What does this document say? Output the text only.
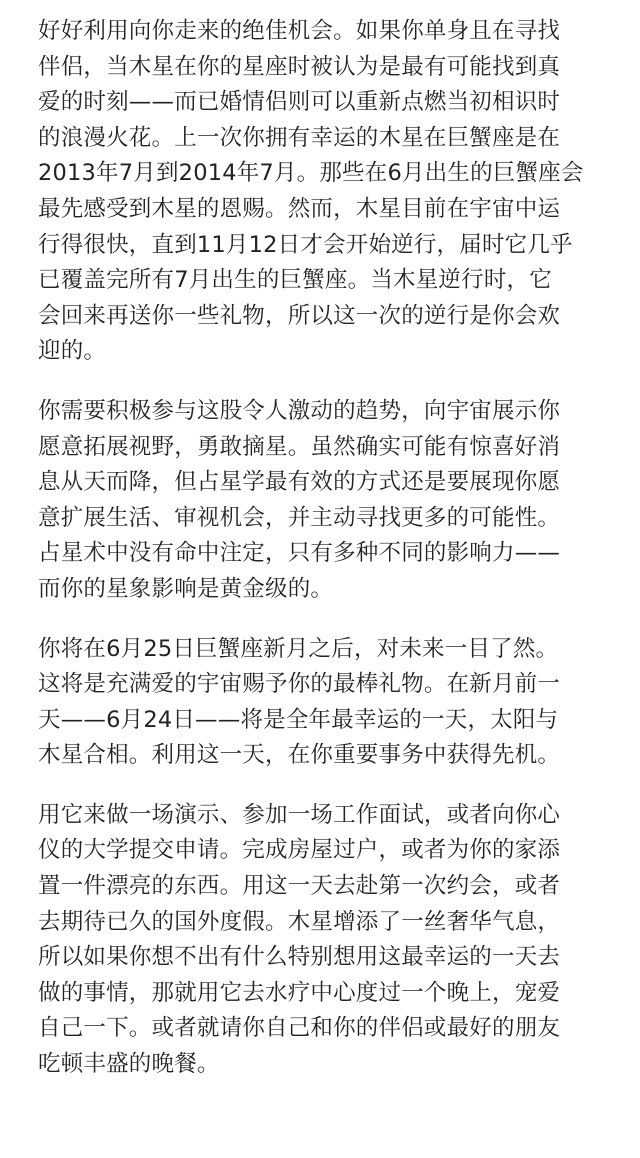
好好利用向你走来的绝佳机会。如果你单身且在寻找
伴侣，当木星在你的星座时被认为是最有可能找到真
爱的时刻——而已婚情侣则可以重新点燃当初相识时
的浪漫火花。上一次你拥有幸运的木星在巨蟹座是在
2013年7月到2014年7月。那些在6月出生的巨蟹座会
最先感受到木星的恩赐。然而，木星目前在宇宙中运
行得很快，直到11月12日才会开始逆行，届时它几乎
已覆盖完所有7月出生的巨蟹座。当木星逆行时，它
会回来再送你一些礼物，所以这一次的逆行是你会欢
迎的。

你需要积极参与这股令人激动的趋势，向宇宙展示你
愿意拓展视野，勇敢摘星。虽然确实可能有惊喜好消
息从天而降，但占星学最有效的方式还是要展现你愿
意扩展生活、审视机会，并主动寻找更多的可能性。
占星术中没有命中注定，只有多种不同的影响力——
而你的星象影响是黄金级的。

你将在6月25日巨蟹座新月之后，对未来一目了然。
这将是充满爱的宇宙赐予你的最棒礼物。在新月前一
天——6月24日——将是全年最幸运的一天，太阳与
木星合相。利用这一天，在你重要事务中获得先机。

用它来做一场演示、参加一场工作面试，或者向你心
仪的大学提交申请。完成房屋过户，或者为你的家添
置一件漂亮的东西。用这一天去赴第一次约会，或者
去期待已久的国外度假。木星增添了一丝奢华气息，
所以如果你想不出有什么特别想用这最幸运的一天去
做的事情，那就用它去水疗中心度过一个晚上，宠爱
自己一下。或者就请你自己和你的伴侣或最好的朋友
吃顿丰盛的晚餐。
